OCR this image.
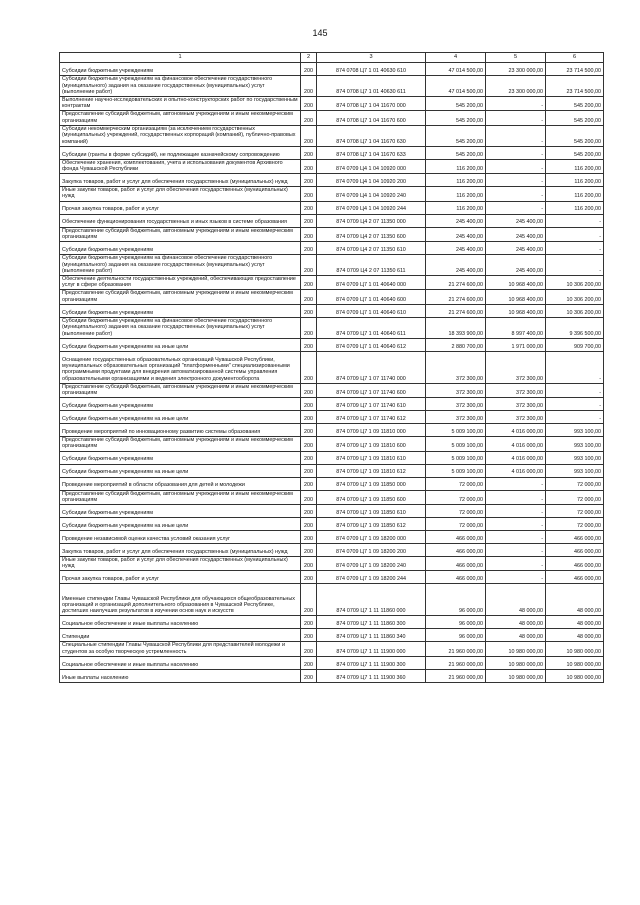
145
1	2	3	4	5	6
Субсидии бюджетным учреждениям	200	874 0708 Ц7 1 01 40630 610	47 014 500,00	23 300 000,00	23 714 500,00
Субсидии бюджетным учреждениям на финансовое обеспечение государственного (муниципального) задания на оказание государственных (муниципальных) услуг (выполнение работ)	200	874 0708 Ц7 1 01 40630 611	47 014 500,00	23 300 000,00	23 714 500,00
Выполнение научно-исследовательских и опытно-конструкторских работ по государственным контрактам	200	874 0708 Ц7 1 04 11670 000	545 200,00	-	545 200,00
Предоставление субсидий бюджетным, автономным учреждениям и иным некоммерческим организациям	200	874 0708 Ц7 1 04 11670 600	545 200,00	-	545 200,00
Субсидии некоммерческим организациям (за исключением государственных (муниципальных) учреждений, государственных корпораций (компаний), публично-правовых компаний)	200	874 0708 Ц7 1 04 11670 630	545 200,00	-	545 200,00
Субсидии (гранты в форме субсидий), не подлежащие казначейскому сопровождению	200	874 0708 Ц7 1 04 11670 633	545 200,00	-	545 200,00
Обеспечение хранения, комплектования, учета и использования документов Архивного фонда Чувашской Республики	200	874 0709 Ц4 1 04 10920 000	116 200,00	-	116 200,00
Закупка товаров, работ и услуг для обеспечения государственных (муниципальных) нужд	200	874 0709 Ц4 1 04 10920 200	116 200,00	-	116 200,00
Иные закупки товаров, работ и услуг для обеспечения государственных (муниципальных) нужд	200	874 0709 Ц4 1 04 10920 240	116 200,00	-	116 200,00
Прочая закупка товаров, работ и услуг	200	874 0709 Ц4 1 04 10920 244	116 200,00	-	116 200,00
Обеспечение функционирования государственных и иных языков в системе образования	200	874 0709 Ц4 2 07 11350 000	245 400,00	245 400,00	-
Предоставление субсидий бюджетным, автономным учреждениям и иным некоммерческим организациям	200	874 0709 Ц4 2 07 11350 600	245 400,00	245 400,00	-
Субсидии бюджетным учреждениям	200	874 0709 Ц4 2 07 11350 610	245 400,00	245 400,00	-
Субсидии бюджетным учреждениям на финансовое обеспечение государственного (муниципального) задания на оказание государственных (муниципальных) услуг (выполнение работ)	200	874 0709 Ц4 2 07 11350 611	245 400,00	245 400,00	-
Обеспечение деятельности государственных учреждений, обеспечивающих предоставление услуг в сфере образования	200	874 0709 Ц7 1 01 40640 000	21 274 600,00	10 968 400,00	10 306 200,00
Предоставление субсидий бюджетным, автономным учреждениям и иным некоммерческим организациям	200	874 0709 Ц7 1 01 40640 600	21 274 600,00	10 968 400,00	10 306 200,00
Субсидии бюджетным учреждениям	200	874 0709 Ц7 1 01 40640 610	21 274 600,00	10 968 400,00	10 306 200,00
Субсидии бюджетным учреждениям на финансовое обеспечение государственного (муниципального) задания на оказание государственных (муниципальных) услуг (выполнение работ)	200	874 0709 Ц7 1 01 40640 611	18 393 900,00	8 997 400,00	9 396 500,00
Субсидии бюджетным учреждениям на иные цели	200	874 0709 Ц7 1 01 40640 612	2 880 700,00	1 971 000,00	909 700,00
Оснащение государственных образовательных организаций Чувашской Республики, муниципальных образовательных организаций "платформенными" специализированными программными продуктами для внедрения автоматизированной системы управления образовательными организациями и ведения электронного документооборота	200	874 0709 Ц7 1 07 11740 000	372 300,00	372 300,00	-
Предоставление субсидий бюджетным, автономным учреждениям и иным некоммерческим организациям	200	874 0709 Ц7 1 07 11740 600	372 300,00	372 300,00	-
Субсидии бюджетным учреждениям	200	874 0709 Ц7 1 07 11740 610	372 300,00	372 300,00	-
Субсидии бюджетным учреждениям на иные цели	200	874 0709 Ц7 1 07 11740 612	372 300,00	372 300,00	-
Проведение мероприятий по инновационному развитию системы образования	200	874 0709 Ц7 1 09 11810 000	5 009 100,00	4 016 000,00	993 100,00
Предоставление субсидий бюджетным, автономным учреждениям и иным некоммерческим организациям	200	874 0709 Ц7 1 09 11810 600	5 009 100,00	4 016 000,00	993 100,00
Субсидии бюджетным учреждениям	200	874 0709 Ц7 1 09 11810 610	5 009 100,00	4 016 000,00	993 100,00
Субсидии бюджетным учреждениям на иные цели	200	874 0709 Ц7 1 09 11810 612	5 009 100,00	4 016 000,00	993 100,00
Проведение мероприятий в области образования для детей и молодежи	200	874 0709 Ц7 1 09 11850 000	72 000,00	-	72 000,00
Предоставление субсидий бюджетным, автономным учреждениям и иным некоммерческим организациям	200	874 0709 Ц7 1 09 11850 600	72 000,00	-	72 000,00
Субсидии бюджетным учреждениям	200	874 0709 Ц7 1 09 11850 610	72 000,00	-	72 000,00
Субсидии бюджетным учреждениям на иные цели	200	874 0709 Ц7 1 09 11850 612	72 000,00	-	72 000,00
Проведение независимой оценки качества условий оказания услуг	200	874 0709 Ц7 1 09 18200 000	466 000,00	-	466 000,00
Закупка товаров, работ и услуг для обеспечения государственных (муниципальных) нужд	200	874 0709 Ц7 1 09 18200 200	466 000,00	-	466 000,00
Иные закупки товаров, работ и услуг для обеспечения государственных (муниципальных) нужд	200	874 0709 Ц7 1 09 18200 240	466 000,00	-	466 000,00
Прочая закупка товаров, работ и услуг	200	874 0709 Ц7 1 09 18200 244	466 000,00	-	466 000,00
Именные стипендии Главы Чувашской Республики для обучающихся общеобразовательных организаций и организаций дополнительного образования в Чувашской Республике, достигших наилучших результатов в изучении основ наук и искусств	200	874 0709 Ц7 1 11 11860 000	96 000,00	48 000,00	48 000,00
Социальное обеспечение и иные выплаты населению	200	874 0709 Ц7 1 11 11860 300	96 000,00	48 000,00	48 000,00
Стипендии	200	874 0709 Ц7 1 11 11860 340	96 000,00	48 000,00	48 000,00
Специальные стипендии Главы Чувашской Республики для представителей молодежи и студентов за особую творческую устремленность	200	874 0709 Ц7 1 11 11900 000	21 960 000,00	10 980 000,00	10 980 000,00
Социальное обеспечение и иные выплаты населению	200	874 0709 Ц7 1 11 11900 300	21 960 000,00	10 980 000,00	10 980 000,00
Иные выплаты населению	200	874 0709 Ц7 1 11 11900 360	21 960 000,00	10 980 000,00	10 980 000,00
